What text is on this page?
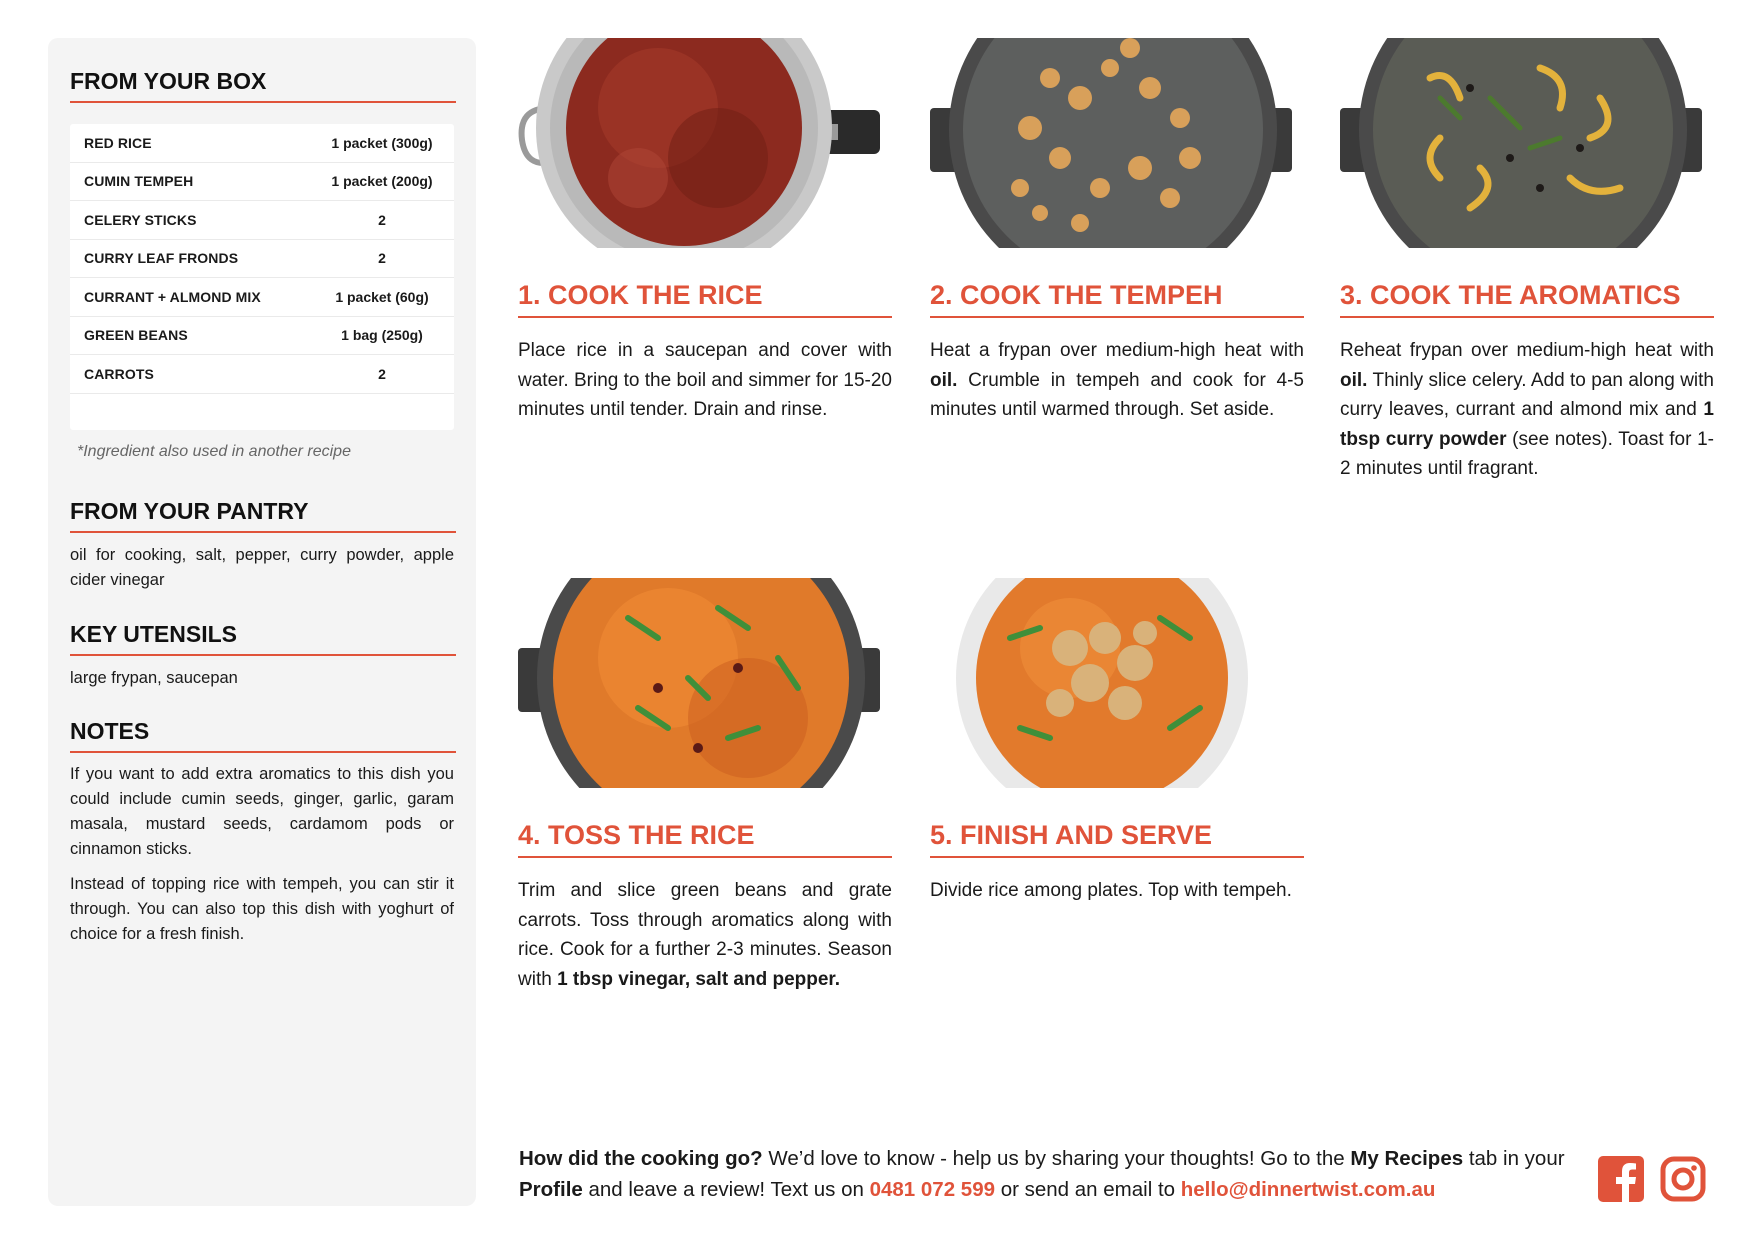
FROM YOUR BOX
RED RICE	1 packet (300g)
CUMIN TEMPEH	1 packet (200g)
CELERY STICKS	2
CURRY LEAF FRONDS	2
CURRANT + ALMOND MIX	1 packet (60g)
GREEN BEANS	1 bag (250g)
CARROTS	2
*Ingredient also used in another recipe
FROM YOUR PANTRY
oil for cooking, salt, pepper, curry powder, apple cider vinegar
KEY UTENSILS
large frypan, saucepan
NOTES
If you want to add extra aromatics to this dish you could include cumin seeds, ginger, garlic, garam masala, mustard seeds, cardamom pods or cinnamon sticks.
Instead of topping rice with tempeh, you can stir it through. You can also top this dish with yoghurt of choice for a fresh finish.
1. COOK THE RICE
Place rice in a saucepan and cover with water. Bring to the boil and simmer for 15-20 minutes until tender. Drain and rinse.
2. COOK THE TEMPEH
Heat a frypan over medium-high heat with oil. Crumble in tempeh and cook for 4-5 minutes until warmed through. Set aside.
3. COOK THE AROMATICS
Reheat frypan over medium-high heat with oil. Thinly slice celery. Add to pan along with curry leaves, currant and almond mix and 1 tbsp curry powder (see notes). Toast for 1-2 minutes until fragrant.
4. TOSS THE RICE
Trim and slice green beans and grate carrots. Toss through aromatics along with rice. Cook for a further 2-3 minutes. Season with 1 tbsp vinegar, salt and pepper.
5. FINISH AND SERVE
Divide rice among plates. Top with tempeh.
How did the cooking go? We’d love to know - help us by sharing your thoughts! Go to the My Recipes tab in your Profile and leave a review! Text us on 0481 072 599 or send an email to hello@dinnertwist.com.au
